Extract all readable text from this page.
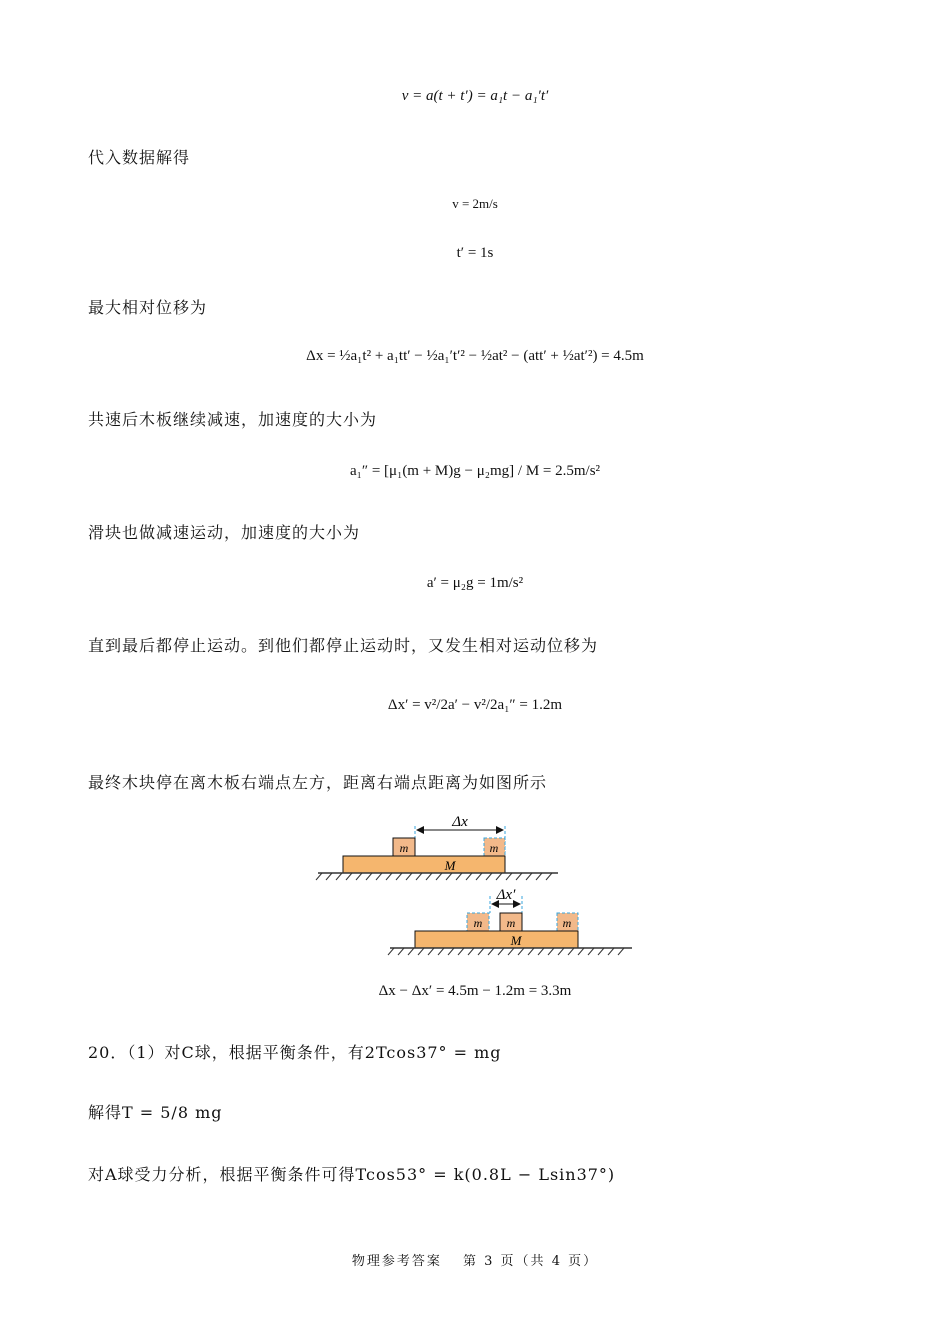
v = a(t + t′) = a₁t − a₁′t′
代入数据解得
v = 2m/s
t′ = 1s
最大相对位移为
Δx = ½a₁t² + a₁tt′ − ½a₁′t′² − ½at² − (att′ + ½at′²) = 4.5m
共速后木板继续减速，加速度的大小为
a₁″ = [μ₁(m + M)g − μ₂mg] / M = 2.5m/s²
滑块也做减速运动，加速度的大小为
a′ = μ₂g = 1m/s²
直到最后都停止运动。到他们都停止运动时，又发生相对运动位移为
Δx′ = v²/2a′ − v²/2a₁″ = 1.2m
最终木块停在离木板右端点左方，距离右端点距离为如图所示
Δx
m	m
M
Δx′
m m	m
M
Δx − Δx′ = 4.5m − 1.2m = 3.3m
20．（1）对C球，根据平衡条件，有2Tcos37° = mg
解得T = 5/8 mg
对A球受力分析，根据平衡条件可得Tcos53° = k(0.8L − Lsin37°)
物理参考答案　 第 3 页（共 4 页）
